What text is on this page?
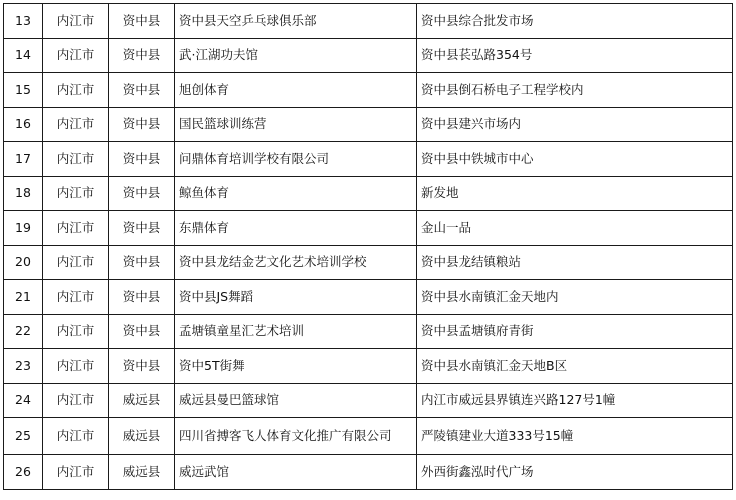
13	内江市	资中县	资中县天空乒乓球俱乐部	资中县综合批发市场
14	内江市	资中县	武·江湖功夫馆	资中县苌弘路354号
15	内江市	资中县	旭创体育	资中县倒石桥电子工程学校内
16	内江市	资中县	国民篮球训练营	资中县建兴市场内
17	内江市	资中县	问鼎体育培训学校有限公司	资中县中铁城市中心
18	内江市	资中县	鲸鱼体育	新发地
19	内江市	资中县	东鼎体育	金山一品
20	内江市	资中县	资中县龙结金艺文化艺术培训学校	资中县龙结镇粮站
21	内江市	资中县	资中县JS舞蹈	资中县水南镇汇金天地内
22	内江市	资中县	孟塘镇童星汇艺术培训	资中县孟塘镇府青街
23	内江市	资中县	资中5T街舞	资中县水南镇汇金天地B区
24	内江市	威远县	威远县曼巴篮球馆	内江市威远县界镇连兴路127号1幢
25	内江市	威远县	四川省搏客飞人体育文化推广有限公司	严陵镇建业大道333号15幢
26	内江市	威远县	威远武馆	外西街鑫泓时代广场
